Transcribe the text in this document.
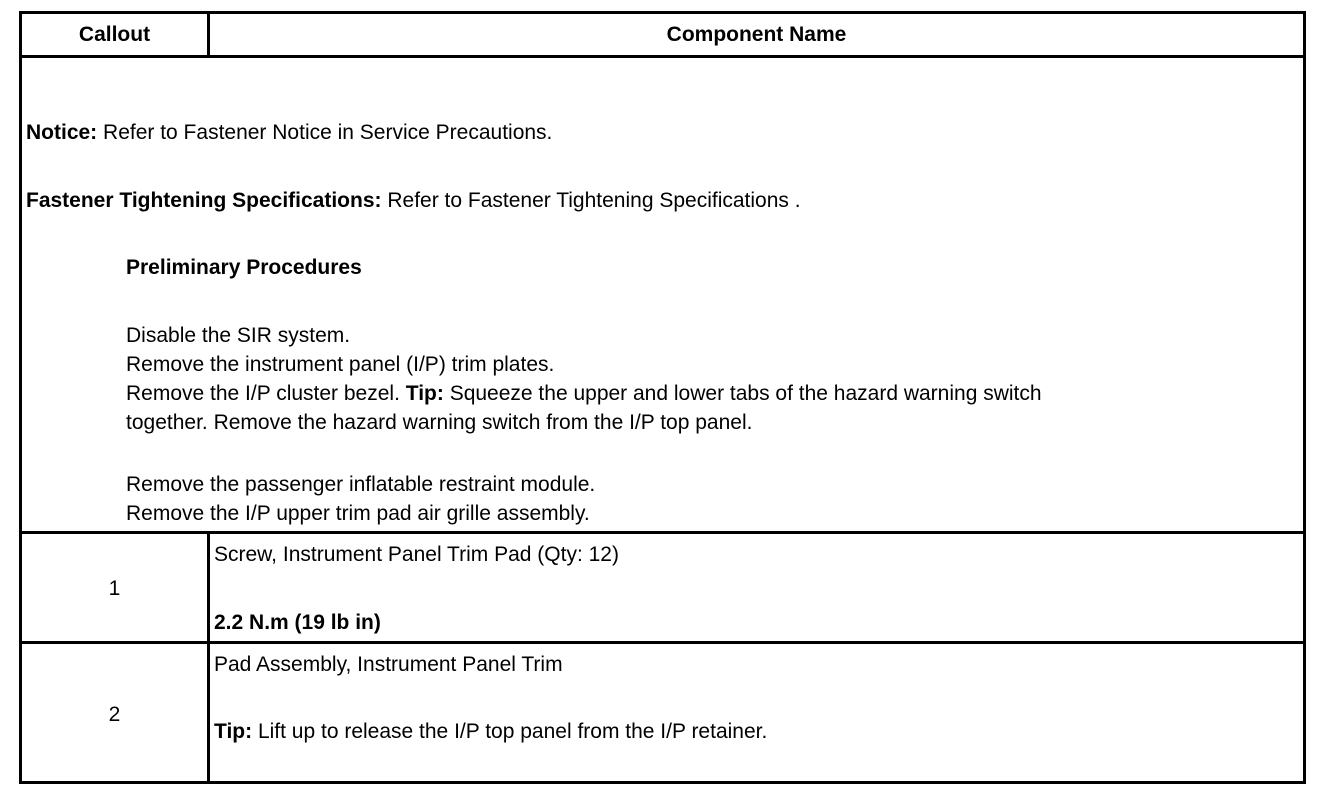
Callout	Component Name
Notice: Refer to Fastener Notice in Service Precautions.
Fastener Tightening Specifications: Refer to Fastener Tightening Specifications .
Preliminary Procedures
Disable the SIR system.
Remove the instrument panel (I/P) trim plates.
Remove the I/P cluster bezel. Tip: Squeeze the upper and lower tabs of the hazard warning switch
together. Remove the hazard warning switch from the I/P top panel.
Remove the passenger inflatable restraint module.
Remove the I/P upper trim pad air grille assembly.
1
Screw, Instrument Panel Trim Pad (Qty: 12)
2.2 N.m (19 lb in)
2
Pad Assembly, Instrument Panel Trim
Tip: Lift up to release the I/P top panel from the I/P retainer.
